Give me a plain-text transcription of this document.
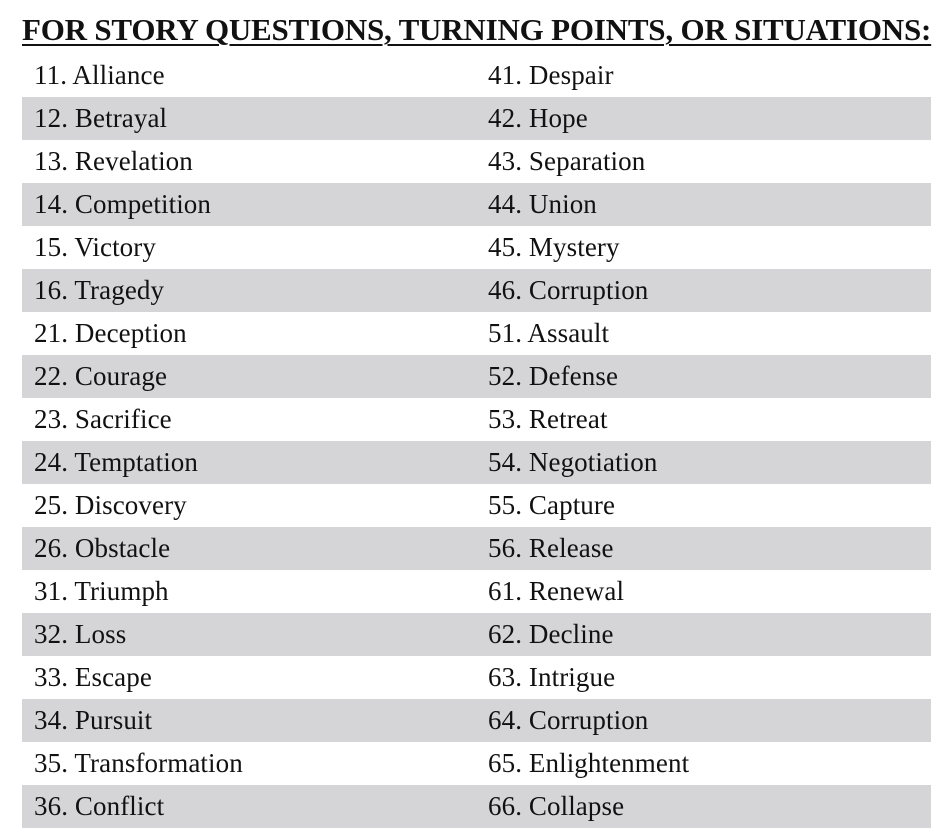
FOR STORY QUESTIONS, TURNING POINTS, OR SITUATIONS:
11. Alliance	41. Despair
12. Betrayal	42. Hope
13. Revelation	43. Separation
14. Competition	44. Union
15. Victory	45. Mystery
16. Tragedy	46. Corruption
21. Deception	51. Assault
22. Courage	52. Defense
23. Sacrifice	53. Retreat
24. Temptation	54. Negotiation
25. Discovery	55. Capture
26. Obstacle	56. Release
31. Triumph	61. Renewal
32. Loss	62. Decline
33. Escape	63. Intrigue
34. Pursuit	64. Corruption
35. Transformation	65. Enlightenment
36. Conflict	66. Collapse
